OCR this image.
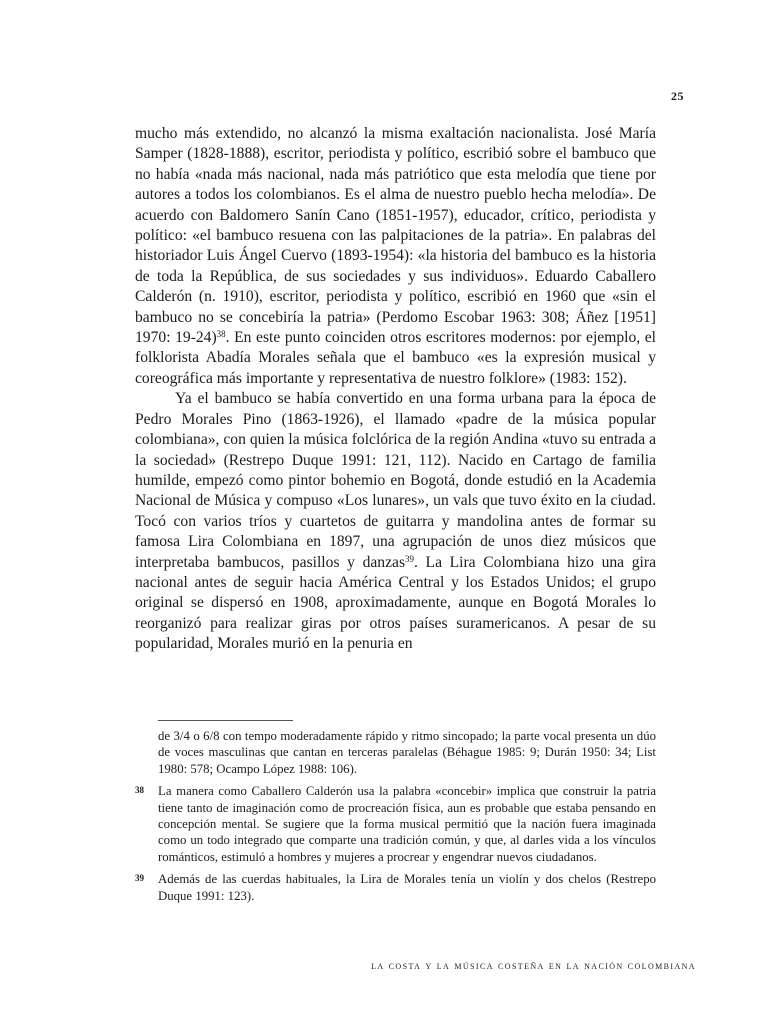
25

mucho más extendido, no alcanzó la misma exaltación nacionalista. José María Samper (1828-1888), escritor, periodista y político, escribió sobre el bambuco que no había «nada más nacional, nada más patriótico que esta melodía que tiene por autores a todos los colombianos. Es el alma de nuestro pueblo hecha melodía». De acuerdo con Baldomero Sanín Cano (1851-1957), educador, crítico, periodista y político: «el bambuco resuena con las palpitaciones de la patria». En palabras del historiador Luis Ángel Cuervo (1893-1954): «la historia del bambuco es la historia de toda la República, de sus sociedades y sus individuos». Eduardo Caballero Calderón (n. 1910), escritor, periodista y político, escribió en 1960 que «sin el bambuco no se concebiría la patria» (Perdomo Escobar 1963: 308; Áñez [1951] 1970: 19-24)$^{38}$. En este punto coinciden otros escritores modernos: por ejemplo, el folklorista Abadía Morales señala que el bambuco «es la expresión musical y coreográfica más importante y representativa de nuestro folklore» (1983: 152).

Ya el bambuco se había convertido en una forma urbana para la época de Pedro Morales Pino (1863-1926), el llamado «padre de la música popular colombiana», con quien la música folclórica de la región Andina «tuvo su entrada a la sociedad» (Restrepo Duque 1991: 121, 112). Nacido en Cartago de familia humilde, empezó como pintor bohemio en Bogotá, donde estudió en la Academia Nacional de Música y compuso «Los lunares», un vals que tuvo éxito en la ciudad. Tocó con varios tríos y cuartetos de guitarra y mandolina antes de formar su famosa Lira Colombiana en 1897, una agrupación de unos diez músicos que interpretaba bambucos, pasillos y danzas$^{39}$. La Lira Colombiana hizo una gira nacional antes de seguir hacia América Central y los Estados Unidos; el grupo original se dispersó en 1908, aproximadamente, aunque en Bogotá Morales lo reorganizó para realizar giras por otros países suramericanos. A pesar de su popularidad, Morales murió en la penuria en

de 3/4 o 6/8 con tempo moderadamente rápido y ritmo sincopado; la parte vocal presenta un dúo de voces masculinas que cantan en terceras paralelas (Béhague 1985: 9; Durán 1950: 34; List 1980: 578; Ocampo López 1988: 106).
38	La manera como Caballero Calderón usa la palabra «concebir» implica que construir la patria tiene tanto de imaginación como de procreación física, aun es probable que estaba pensando en concepción mental. Se sugiere que la forma musical permitió que la nación fuera imaginada como un todo integrado que comparte una tradición común, y que, al darles vida a los vínculos románticos, estimuló a hombres y mujeres a procrear y engendrar nuevos ciudadanos.
39	Además de las cuerdas habituales, la Lira de Morales tenía un violín y dos chelos (Restrepo Duque 1991: 123).
la costa y la música costeña en la nación colombiana
